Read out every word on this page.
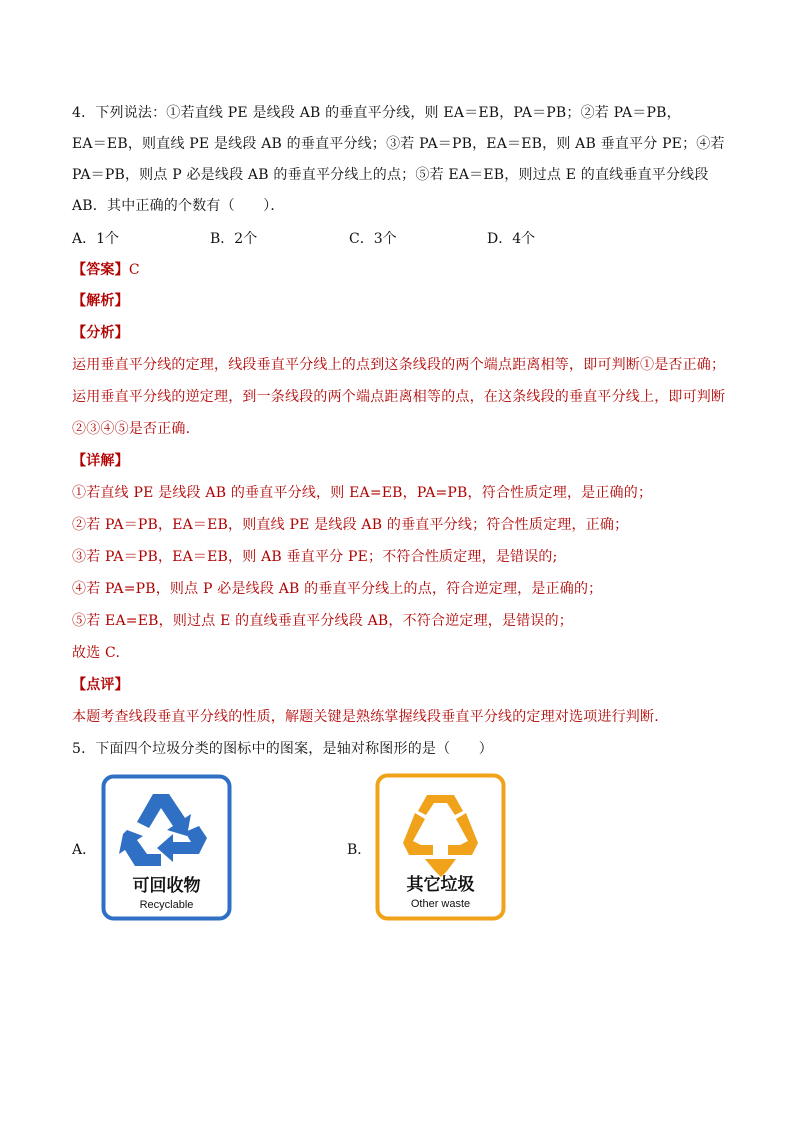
4．下列说法：①若直线 PE 是线段 AB 的垂直平分线，则 EA＝EB，PA＝PB；②若 PA＝PB，
EA＝EB，则直线 PE 是线段 AB 的垂直平分线；③若 PA＝PB，EA＝EB，则 AB 垂直平分 PE；④若
PA＝PB，则点 P 必是线段 AB 的垂直平分线上的点；⑤若 EA＝EB，则过点 E 的直线垂直平分线段
AB．其中正确的个数有（　　）．
A．1个	B．2个	C．3个	D．4个
【答案】C
【解析】
【分析】
运用垂直平分线的定理，线段垂直平分线上的点到这条线段的两个端点距离相等，即可判断①是否正确；
运用垂直平分线的逆定理，到一条线段的两个端点距离相等的点，在这条线段的垂直平分线上，即可判断
②③④⑤是否正确.
【详解】
①若直线 PE 是线段 AB 的垂直平分线，则 EA=EB，PA=PB，符合性质定理，是正确的；
②若 PA＝PB，EA＝EB，则直线 PE 是线段 AB 的垂直平分线；符合性质定理，正确；
③若 PA＝PB，EA＝EB，则 AB 垂直平分 PE；不符合性质定理，是错误的;
④若 PA=PB，则点 P 必是线段 AB 的垂直平分线上的点，符合逆定理，是正确的；
⑤若 EA=EB，则过点 E 的直线垂直平分线段 AB，不符合逆定理，是错误的；
故选 C.
【点评】
本题考查线段垂直平分线的性质，解题关键是熟练掌握线段垂直平分线的定理对选项进行判断.
5．下面四个垃圾分类的图标中的图案，是轴对称图形的是（　　）
A．	B．
可回收物
Recyclable
其它垃圾
Other waste
